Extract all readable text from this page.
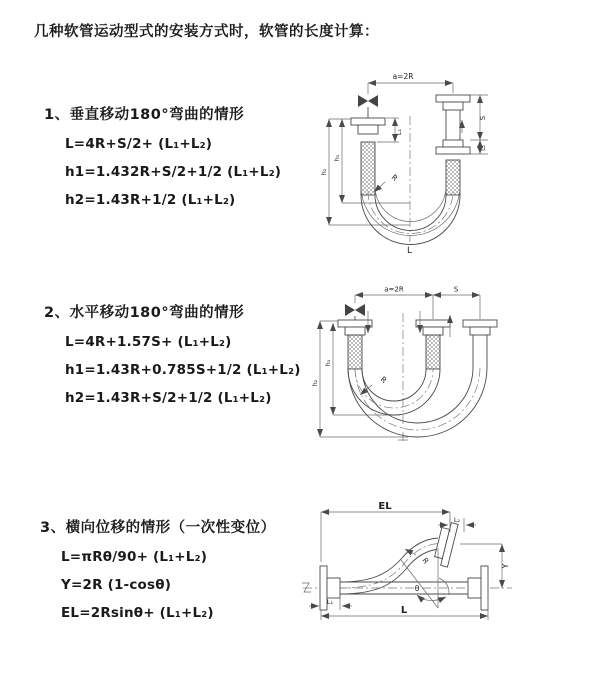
几种软管运动型式的安装方式时，软管的长度计算：
1、垂直移动180°弯曲的情形

L=4R+S/2+ (L₁+L₂)

h1=1.432R+S/2+1/2 (L₁+L₂)

h2=1.43R+1/2 (L₁+L₂)

2、水平移动180°弯曲的情形

L=4R+1.57S+ (L₁+L₂)

h1=1.43R+0.785S+1/2 (L₁+L₂)

h2=1.43R+S/2+1/2 (L₁+L₂)

3、横向位移的情形（一次性变位）

L=πRθ/90+ (L₁+L₂)

Y=2R (1-cosθ)

EL=2Rsinθ+ (L₁+L₂)

a=2R
L₁
S
L₂
h₁
h₂
R
L
a=2R	S
h₁
h₂	R
EL
L₂
Y
L
L₁
R
θ
